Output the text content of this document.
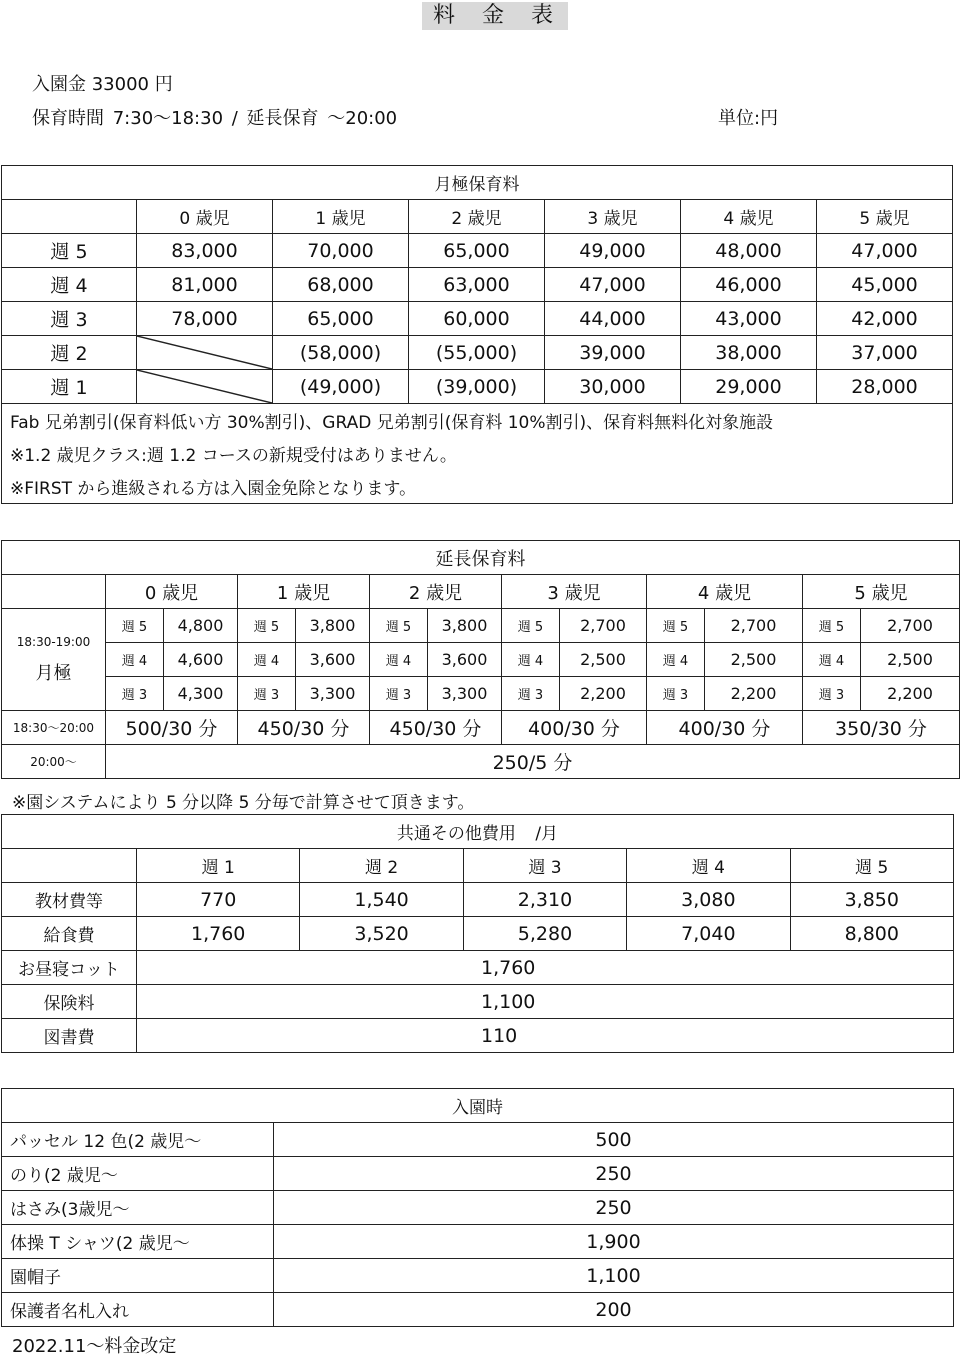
料 金 表
入園金 33000 円
保育時間 7:30〜18:30 / 延長保育 〜20:00	単位:円
月極保育料						
	0 歳児	1 歳児	2 歳児	3 歳児	4 歳児	5 歳児
週 5	83,000	70,000	65,000	49,000	48,000	47,000
週 4	81,000	68,000	63,000	47,000	46,000	45,000
週 3	78,000	65,000	60,000	44,000	43,000	42,000
週 2		(58,000)	(55,000)	39,000	38,000	37,000
週 1		(49,000)	(39,000)	30,000	29,000	28,000
Fab 兄弟割引(保育料低い方 30%割引)、GRAD 兄弟割引(保育料 10%割引)、保育料無料化対象施設						
※1.2 歳児クラス:週 1.2 コースの新規受付はありません。						
※FIRST から進級される方は入園金免除となります。						
延長保育料												
	0 歳児		1 歳児		2 歳児		3 歳児		4 歳児		5 歳児	

18:30-19:00
月極	週 5	4,800	週 5	3,800	週 5	3,800	週 5	2,700	週 5	2,700	週 5	2,700
	週 4	4,600	週 4	3,600	週 4	3,600	週 4	2,500	週 4	2,500	週 4	2,500
	週 3	4,300	週 3	3,300	週 3	3,300	週 3	2,200	週 3	2,200	週 3	2,200
18:30〜20:00	500/30 分		450/30 分		450/30 分		400/30 分		400/30 分		350/30 分	
20:00〜	250/5 分											
※園システムにより 5 分以降 5 分毎で計算させて頂きます。
共通その他費用 /月					
	週 1	週 2	週 3	週 4	週 5
教材費等	770	1,540	2,310	3,080	3,850
給食費	1,760	3,520	5,280	7,040	8,800
お昼寝コット	1,760				
保険料	1,100				
図書費	110				
入園時	
パッセル 12 色(2 歳児〜	500
のり(2 歳児〜	250
はさみ(3歳児〜	250
体操 T シャツ(2 歳児〜	1,900
園帽子	1,100
保護者名札入れ	200
2022.11〜料金改定
